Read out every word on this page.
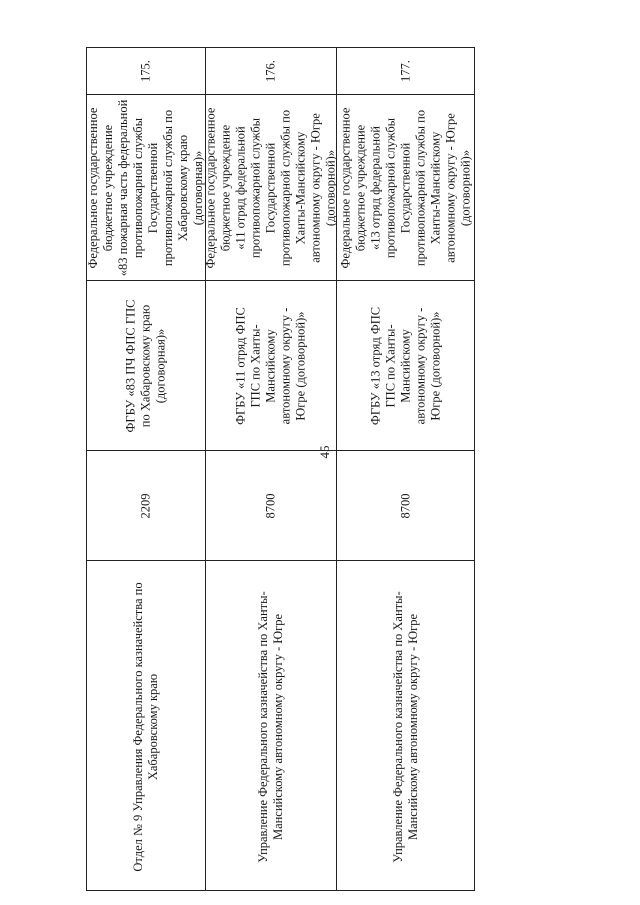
45
175.
Федеральное государственное бюджетное учреждение «83 пожарная часть федеральной противопожарной службы Государственной противопожарной службы по Хабаровскому краю (договорная)»
ФГБУ «83 ПЧ ФПС ГПС по Хабаровскому краю (договорная)»
2209
Отдел № 9 Управления Федерального казначейства по Хабаровскому краю
176.
Федеральное государственное бюджетное учреждение «11 отряд федеральной противопожарной службы Государственной противопожарной службы по Ханты-Мансийскому автономному округу - Югре (договорной)»
ФГБУ «11 отряд ФПС ГПС по Ханты- Мансийскому автономному округу - Югре (договорной)»
8700
Управление Федерального казначейства по Ханты- Мансийскому автономному округу - Югре
177.
Федеральное государственное бюджетное учреждение «13 отряд федеральной противопожарной службы Государственной противопожарной службы по Ханты-Мансийскому автономному округу - Югре (договорной)»
ФГБУ «13 отряд ФПС ГПС по Ханты- Мансийскому автономному округу - Югре (договорной)»
8700
Управление Федерального казначейства по Ханты- Мансийскому автономному округу - Югре
